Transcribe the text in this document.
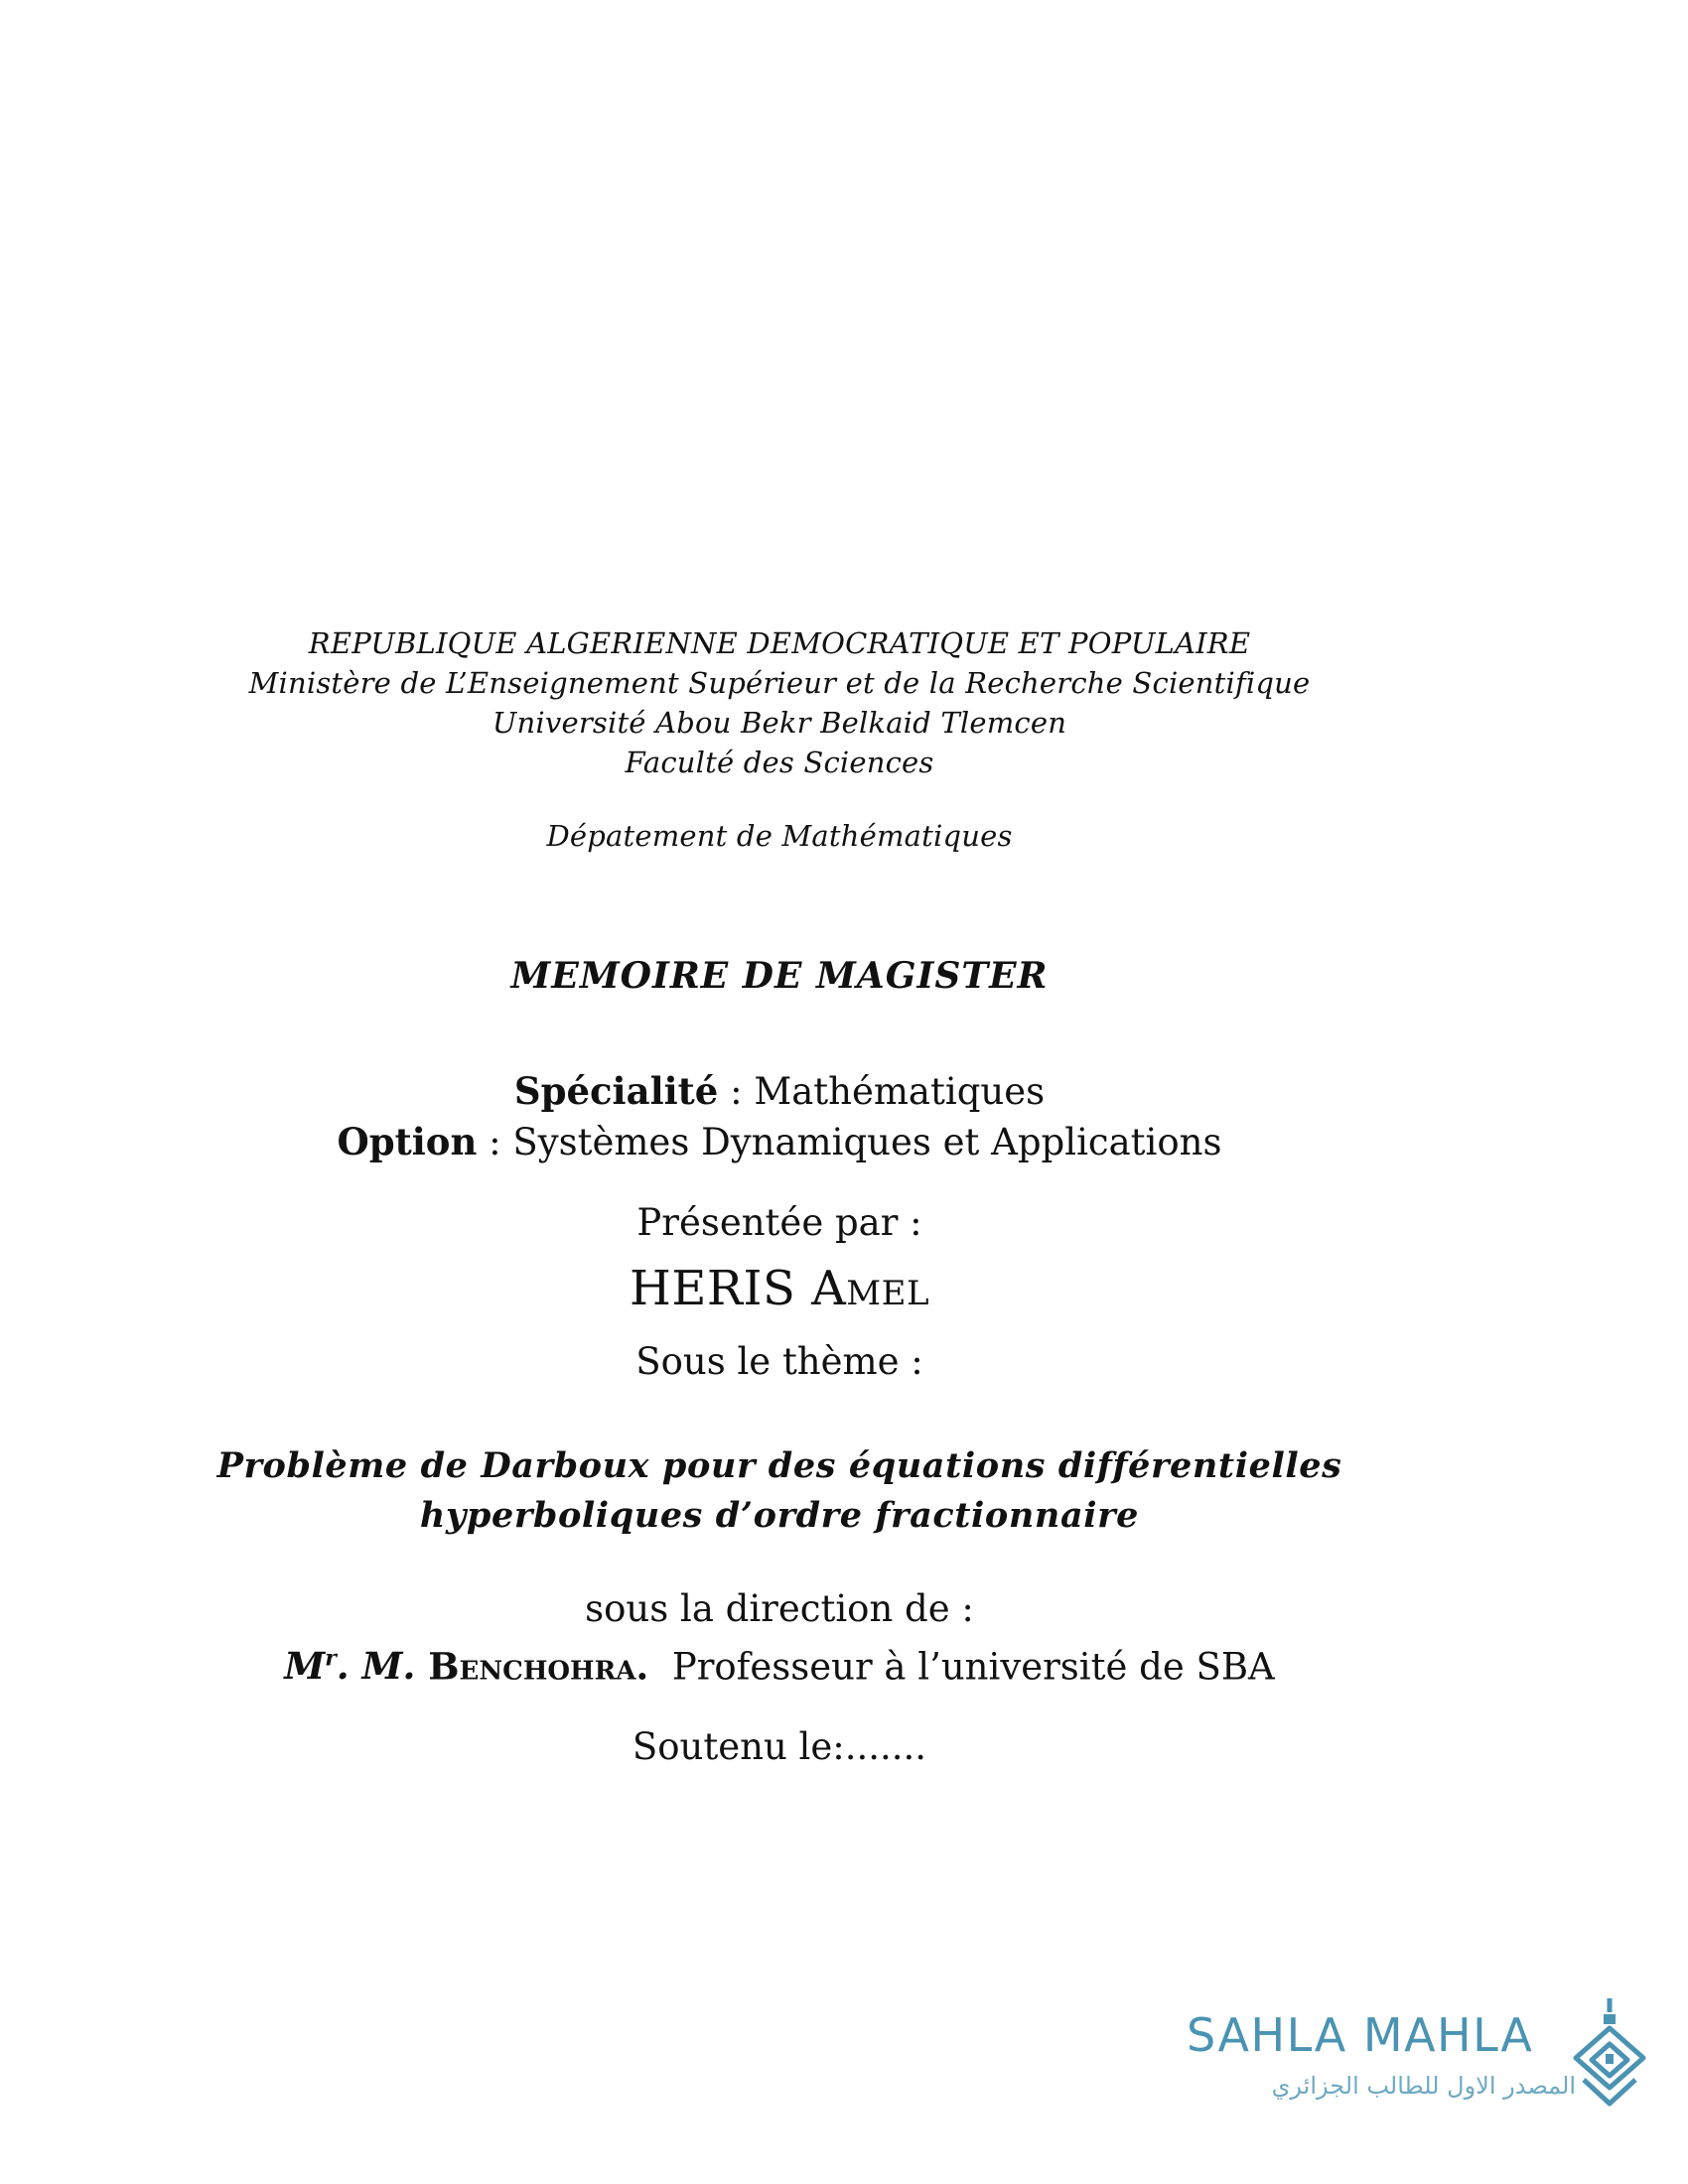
REPUBLIQUE ALGERIENNE DEMOCRATIQUE ET POPULAIRE
Ministère de L’Enseignement Supérieur et de la Recherche Scientifique
Université Abou Bekr Belkaid Tlemcen
Faculté des Sciences
Dépatement de Mathématiques
MEMOIRE DE MAGISTER
Spécialité : Mathématiques
Option : Systèmes Dynamiques et Applications
Présentée par :
HERIS Amel
Sous le thème :
Problème de Darboux pour des équations différentielles
hyperboliques d’ordre fractionnaire
sous la direction de :
$M^r$. M. Benchohra. Professeur à l’université de SBA
Soutenu le:.......
SAHLA MAHLA
المصدر الاول للطالب الجزائري
